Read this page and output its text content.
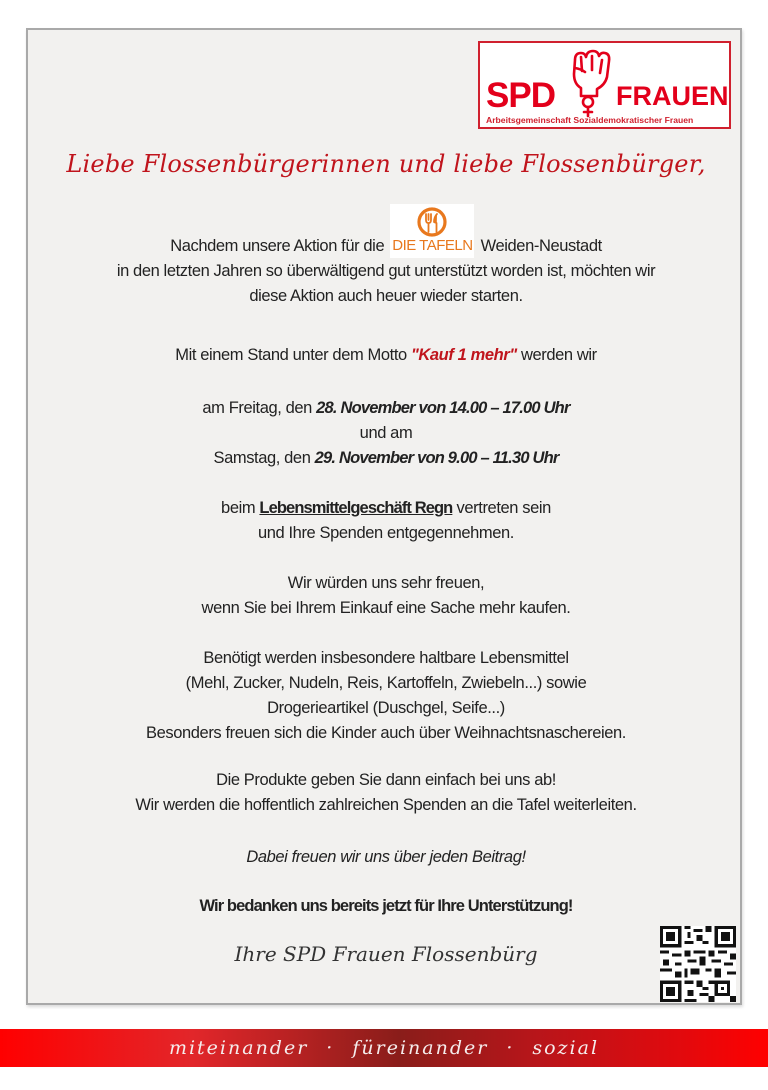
SPD FRAUEN
Arbeitsgemeinschaft Sozialdemokratischer Frauen
Liebe Flossenbürgerinnen und liebe Flossenbürger,
Nachdem unsere Aktion für die DIE TAFELN Weiden-Neustadt
in den letzten Jahren so überwältigend gut unterstützt worden ist, möchten wir
diese Aktion auch heuer wieder starten.
Mit einem Stand unter dem Motto "Kauf 1 mehr" werden wir
am Freitag, den 28. November von 14.00 – 17.00 Uhr
und am
Samstag, den 29. November von 9.00 – 11.30 Uhr
beim Lebensmittelgeschäft Regn vertreten sein
und Ihre Spenden entgegennehmen.
Wir würden uns sehr freuen,
wenn Sie bei Ihrem Einkauf eine Sache mehr kaufen.
Benötigt werden insbesondere haltbare Lebensmittel
(Mehl, Zucker, Nudeln, Reis, Kartoffeln, Zwiebeln...) sowie
Drogerieartikel (Duschgel, Seife...)
Besonders freuen sich die Kinder auch über Weihnachtsnaschereien.
Die Produkte geben Sie dann einfach bei uns ab!
Wir werden die hoffentlich zahlreichen Spenden an die Tafel weiterleiten.
Dabei freuen wir uns über jeden Beitrag!
Wir bedanken uns bereits jetzt für Ihre Unterstützung!
Ihre SPD Frauen Flossenbürg
miteinander · füreinander · sozial
